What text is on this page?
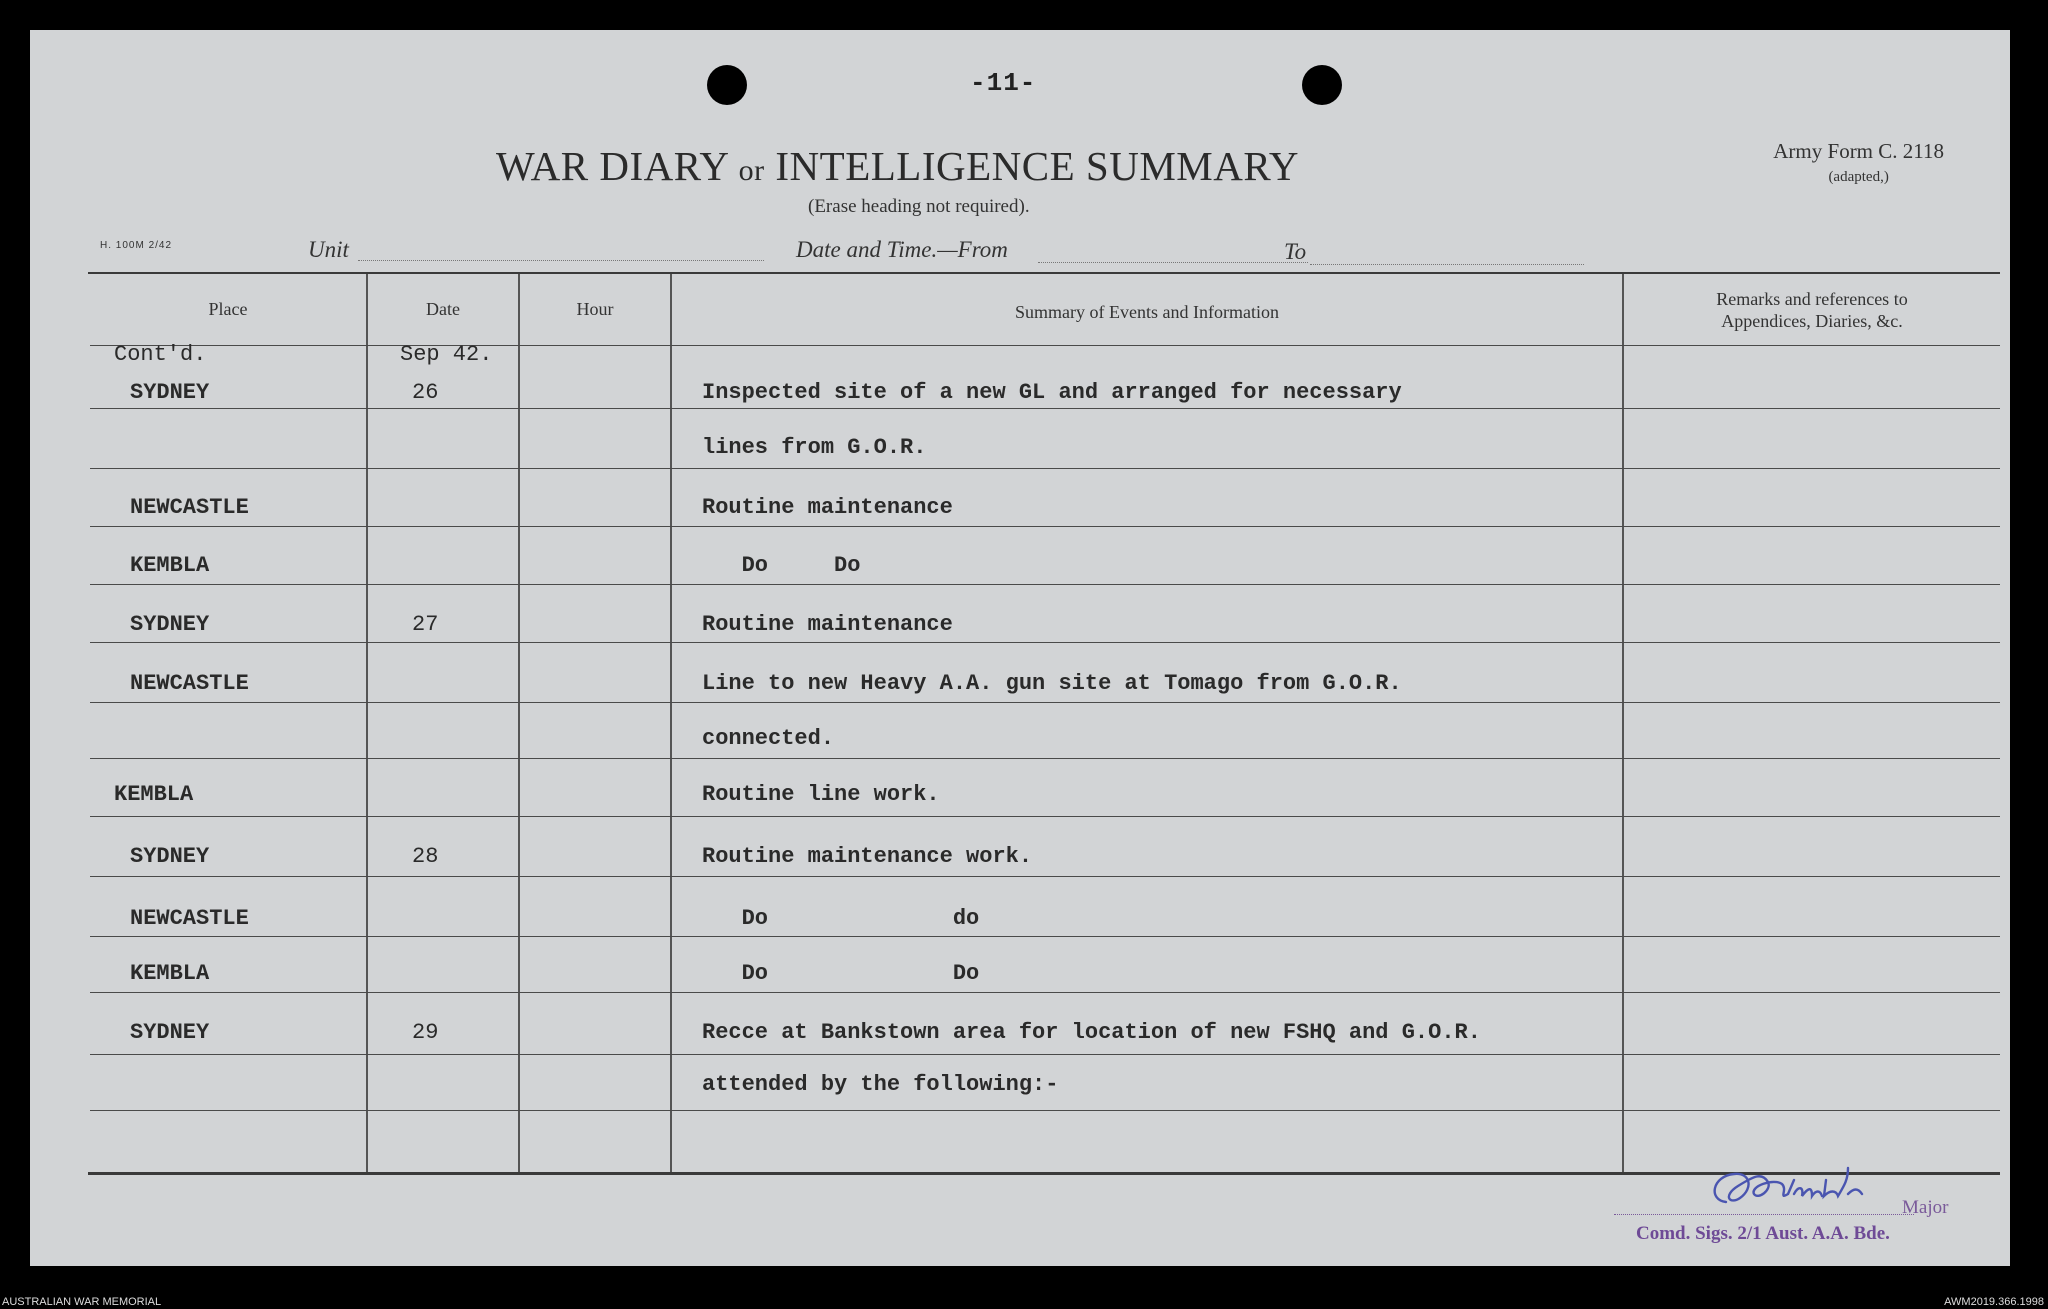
-11-
WAR DIARY or INTELLIGENCE SUMMARY
(Erase heading not required).
Army Form C. 2118
(adapted,)
H. 100M 2/42	Unit	Date and Time.—From	To
Place	Date	Hour	Summary of Events and Information
Remarks and references to
Appendices, Diaries, &c.
Cont'd.	Sep 42.
SYDNEY	26	Inspected site of a new GL and arranged for necessary
lines from G.O.R.
NEWCASTLE	Routine maintenance
KEMBLA	Do     Do
SYDNEY	27	Routine maintenance
NEWCASTLE	Line to new Heavy A.A. gun site at Tomago from G.O.R.
connected.
KEMBLA	Routine line work.
SYDNEY	28	Routine maintenance work.
NEWCASTLE	Do              do
KEMBLA	Do              Do
SYDNEY	29	Recce at Bankstown area for location of new FSHQ and G.O.R.
attended by the following:-
Major
Comd. Sigs. 2/1 Aust. A.A. Bde.
AUSTRALIAN WAR MEMORIAL	AWM2019.366.1998
